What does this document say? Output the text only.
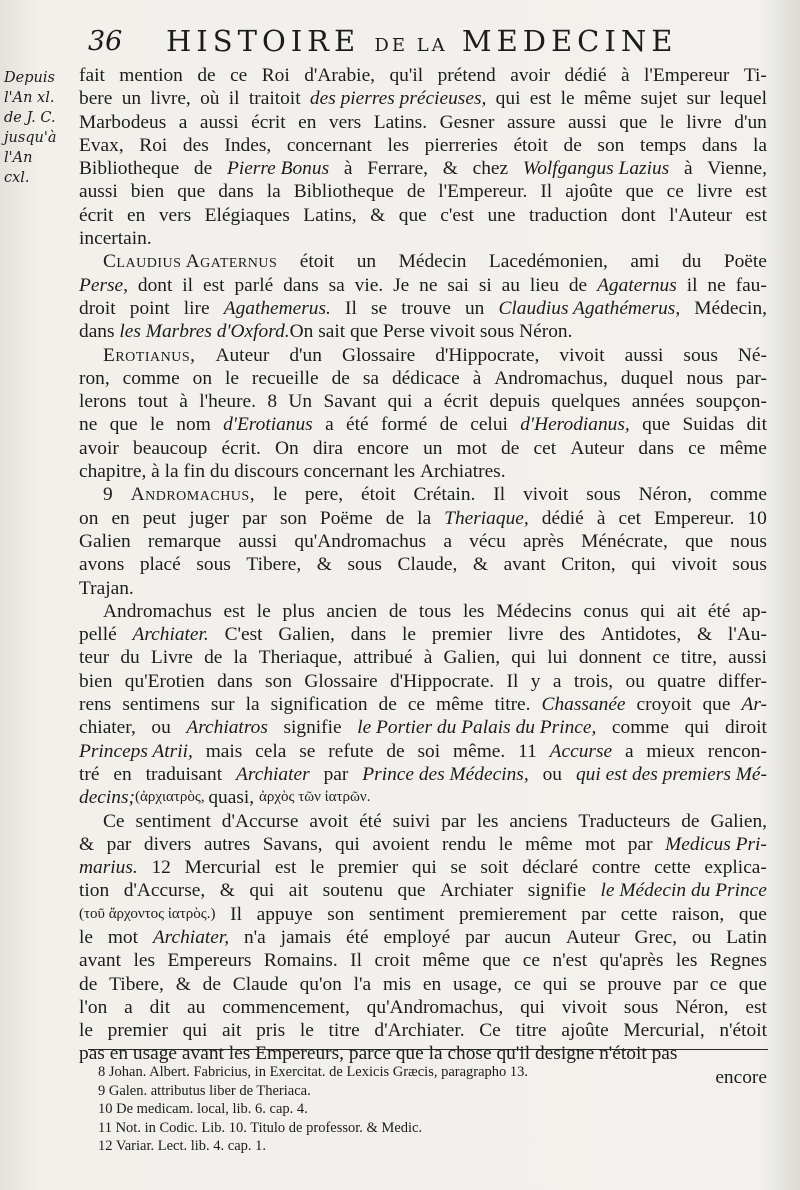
36 HISTOIRE DE LA MEDECINE
Depuis
l'An xl.
de J. C.
jusqu'à
l'An
cxl.

fait mention de ce Roi d'Arabie, qu'il prétend avoir dédié à l'Empereur Ti-
bere un livre, où il traitoit des pierres précieuses, qui est le même sujet sur lequel
Marbodeus a aussi écrit en vers Latins. Gesner assure aussi que le livre d'un
Evax, Roi des Indes, concernant les pierreries étoit de son temps dans la
Bibliotheque de Pierre Bonus à Ferrare, & chez Wolfgangus Lazius à Vienne,
aussi bien que dans la Bibliotheque de l'Empereur. Il ajoûte que ce livre est
écrit en vers Elégiaques Latins, & que c'est une traduction dont l'Auteur est
incertain.

Claudius Agaternus étoit un Médecin Lacedémonien, ami du Poëte
Perse, dont il est parlé dans sa vie. Je ne sai si au lieu de Agaternus il ne fau-
droit point lire Agathemerus. Il se trouve un Claudius Agathémerus, Médecin,
dans les Marbres d'Oxford. On sait que Perse vivoit sous Néron.

Erotianus, Auteur d'un Glossaire d'Hippocrate, vivoit aussi sous Né-
ron, comme on le recueille de sa dédicace à Andromachus, duquel nous par-
lerons tout à l'heure. 8 Un Savant qui a écrit depuis quelques années soupçon-
ne que le nom d'Erotianus a été formé de celui d'Herodianus, que Suidas dit
avoir beaucoup écrit. On dira encore un mot de cet Auteur dans ce même
chapitre, à la fin du discours concernant les Archiatres.

9 Andromachus, le pere, étoit Crétain. Il vivoit sous Néron, comme
on en peut juger par son Poëme de la Theriaque, dédié à cet Empereur. 10
Galien remarque aussi qu'Andromachus a vécu après Ménécrate, que nous
avons placé sous Tibere, & sous Claude, & avant Criton, qui vivoit sous
Trajan.

Andromachus est le plus ancien de tous les Médecins conus qui ait été ap-
pellé Archiater. C'est Galien, dans le premier livre des Antidotes, & l'Au-
teur du Livre de la Theriaque, attribué à Galien, qui lui donnent ce titre, aussi
bien qu'Erotien dans son Glossaire d'Hippocrate. Il y a trois, ou quatre differ-
rens sentimens sur la signification de ce même titre. Chassanée croyoit que Ar-
chiater, ou Archiatros signifie le Portier du Palais du Prince, comme qui diroit
Princeps Atrii, mais cela se refute de soi même. 11 Accurse a mieux rencon-
tré en traduisant Archiater par Prince des Médecins, ou qui est des premiers Mé-
decins; (ἀρχιατρὸς, quasi, ἀρχὸς τῶν ἰατρῶν.

Ce sentiment d'Accurse avoit été suivi par les anciens Traducteurs de Galien,
& par divers autres Savans, qui avoient rendu le même mot par Medicus Pri-
marius. 12 Mercurial est le premier qui se soit déclaré contre cette explica-
tion d'Accurse, & qui ait soutenu que Archiater signifie le Médecin du Prince
(τοῦ ἄρχοντος ἰατρὸς.) Il appuye son sentiment premierement par cette raison, que
le mot Archiater, n'a jamais été employé par aucun Auteur Grec, ou Latin
avant les Empereurs Romains. Il croit même que ce n'est qu'après les Regnes
de Tibere, & de Claude qu'on l'a mis en usage, ce qui se prouve par ce que
l'on a dit au commencement, qu'Andromachus, qui vivoit sous Néron, est
le premier qui ait pris le titre d'Archiater. Ce titre ajoûte Mercurial, n'étoit
pas en usage avant les Empereurs, parce que la chose qu'il designe n'étoit pas

encore
8 Johan. Albert. Fabricius, in Exercitat. de Lexicis Græcis, paragrapho 13.
9 Galen. attributus liber de Theriaca.
10 De medicam. local, lib. 6. cap. 4.
11 Not. in Codic. Lib. 10. Titulo de professor. & Medic.
12 Variar. Lect. lib. 4. cap. 1.
